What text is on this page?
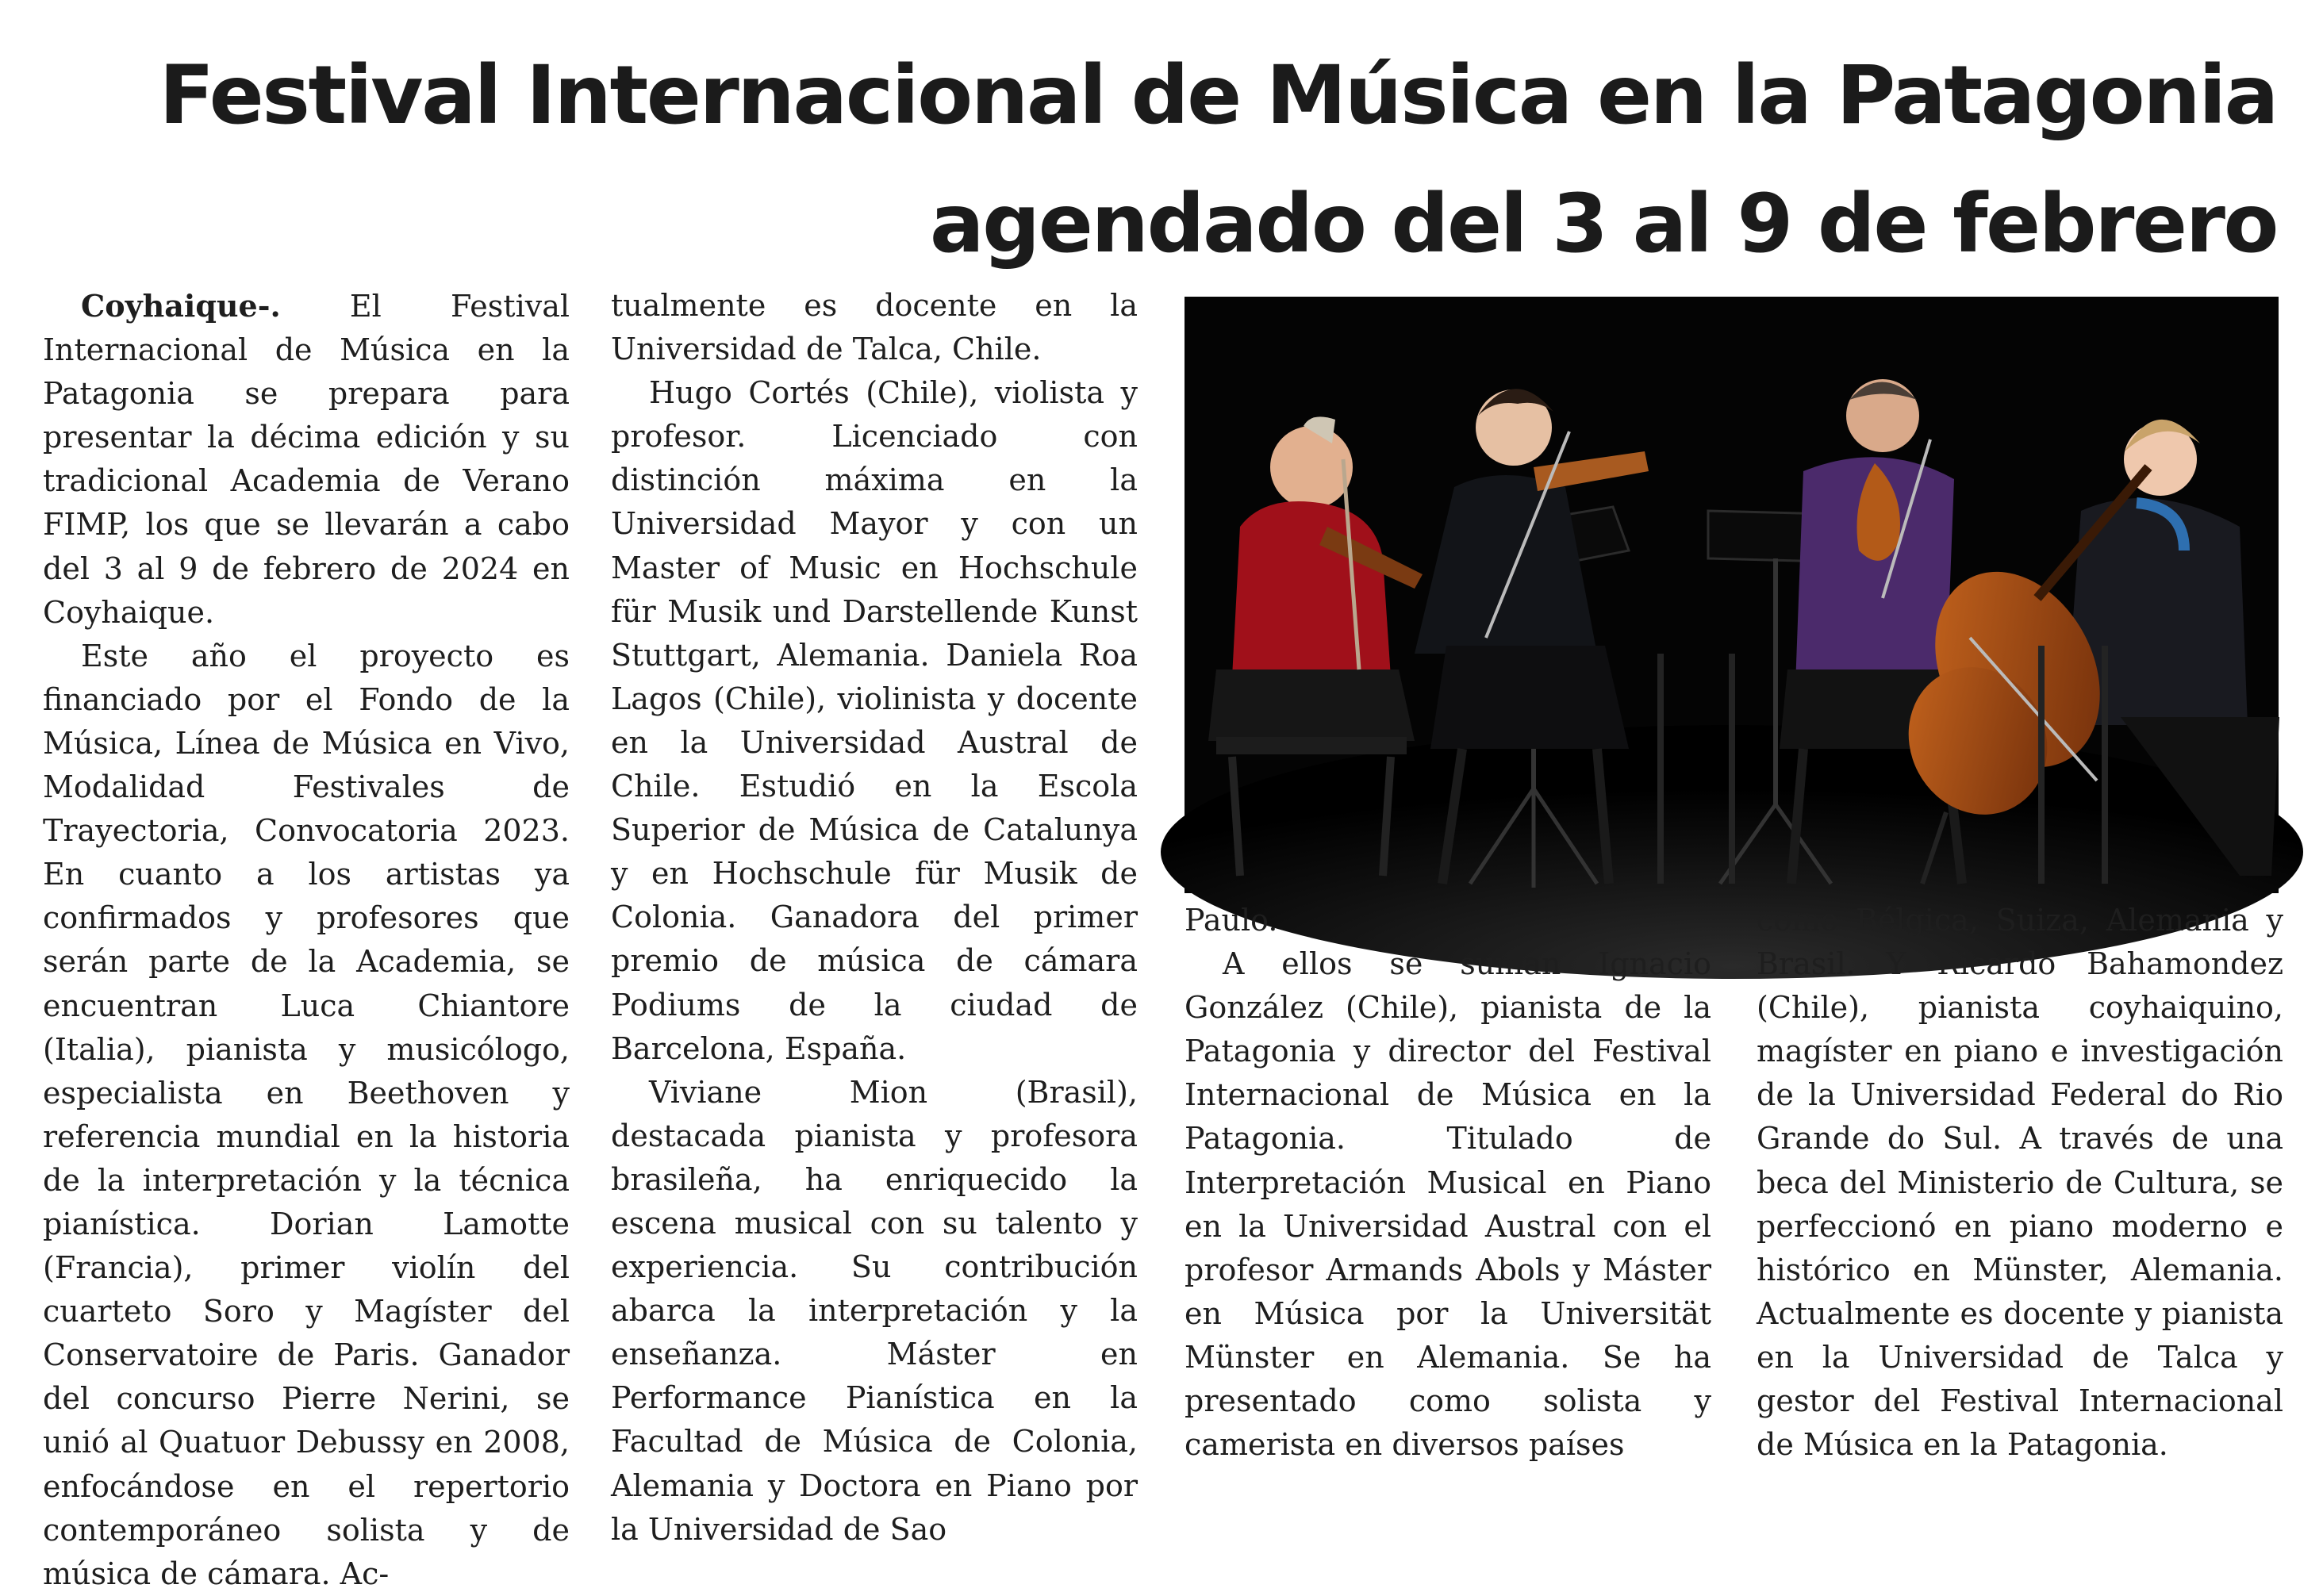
Festival Internacional de Música en la Patagonia
agendado del 3 al 9 de febrero

Coyhaique-. El Festival Internacional de Música en la Patagonia se prepara para presentar la décima edición y su tradicional Academia de Verano FIMP, los que se llevarán a cabo del 3 al 9 de febrero de 2024 en Coyhaique.

Este año el proyecto es financiado por el Fondo de la Música, Línea de Música en Vivo, Modalidad Festivales de Trayectoria, Convocatoria 2023. En cuanto a los artistas ya confirmados y profesores que serán parte de la Academia, se encuentran Luca Chiantore (Italia), pianista y musicólogo, especialista en Beethoven y referencia mundial en la historia de la interpretación y la técnica pianística. Dorian Lamotte (Francia), primer violín del cuarteto Soro y Magíster del Conservatoire de Paris. Ganador del concurso Pierre Nerini, se unió al Quatuor Debussy en 2008, enfocándose en el repertorio contemporáneo solista y de música de cámara. Ac-

tualmente es docente en la Universidad de Talca, Chile.

Hugo Cortés (Chile), violista y profesor. Licenciado con distinción máxima en la Universidad Mayor y con un Master of Music en Hochschule für Musik und Darstellende Kunst Stuttgart, Alemania. Daniela Roa Lagos (Chile), violinista y docente en la Universidad Austral de Chile. Estudió en la Escola Superior de Música de Catalunya y en Hochschule für Musik de Colonia. Ganadora del primer premio de música de cámara Podiums de la ciudad de Barcelona, España.

Viviane Mion (Brasil), destacada pianista y profesora brasileña, ha enriquecido la escena musical con su talento y experiencia. Su contribución abarca la interpretación y la enseñanza. Máster en Performance Pianística en la Facultad de Música de Colonia, Alemania y Doctora en Piano por la Universidad de Sao

Paulo.

A ellos se suman Ignacio González (Chile), pianista de la Patagonia y director del Festival Internacional de Música en la Patagonia. Titulado de Interpretación Musical en Piano en la Universidad Austral con el profesor Armands Abols y Máster en Música por la Universität Münster en Alemania. Se ha presentado como solista y camerista en diversos países

como Bélgica, Suiza, Alemania y Brasil. Y Ricardo Bahamondez (Chile), pianista coyhaiquino, magíster en piano e investigación de la Universidad Federal do Rio Grande do Sul. A través de una beca del Ministerio de Cultura, se perfeccionó en piano moderno e histórico en Münster, Alemania. Actualmente es docente y pianista en la Universidad de Talca y gestor del Festival Internacional de Música en la Patagonia.
